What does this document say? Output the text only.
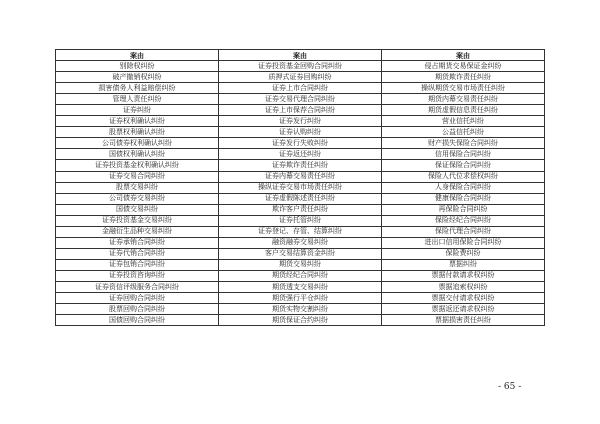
案由	案由	案由
别除权纠纷	证券投资基金回购合同纠纷	侵占期货交易保证金纠纷
破产撤销权纠纷	质押式证券回购纠纷	期货欺诈责任纠纷
损害债务人利益赔偿纠纷	证券上市合同纠纷	操纵期货交易市场责任纠纷
管理人责任纠纷	证券交易代理合同纠纷	期货内幕交易责任纠纷
证券纠纷	证券上市保荐合同纠纷	期货虚假信息责任纠纷
证券权利确认纠纷	证券发行纠纷	营业信托纠纷
股票权利确认纠纷	证券认购纠纷	公益信托纠纷
公司债券权利确认纠纷	证券发行失败纠纷	财产损失保险合同纠纷
国债权利确认纠纷	证券返还纠纷	信用保险合同纠纷
证券投资基金权利确认纠纷	证券欺诈责任纠纷	保证保险合同纠纷
证券交易合同纠纷	证券内幕交易责任纠纷	保险人代位求偿权纠纷
股票交易纠纷	操纵证券交易市场责任纠纷	人身保险合同纠纷
公司债券交易纠纷	证券虚假陈述责任纠纷	健康保险合同纠纷
国债交易纠纷	欺诈客户责任纠纷	再保险合同纠纷
证券投资基金交易纠纷	证券托管纠纷	保险经纪合同纠纷
金融衍生品种交易纠纷	证券登记、存管、结算纠纷	保险代理合同纠纷
证券承销合同纠纷	融资融券交易纠纷	进出口信用保险合同纠纷
证券代销合同纠纷	客户交易结算资金纠纷	保险费纠纷
证券包销合同纠纷	期货交易纠纷	票据纠纷
证券投资咨询纠纷	期货经纪合同纠纷	票据付款请求权纠纷
证券资信评级服务合同纠纷	期货透支交易纠纷	票据追索权纠纷
证券回购合同纠纷	期货强行平仓纠纷	票据交付请求权纠纷
股票回购合同纠纷	期货实物交割纠纷	票据返还请求权纠纷
国债回购合同纠纷	期货保证合约纠纷	票据损害责任纠纷
- 65 -
